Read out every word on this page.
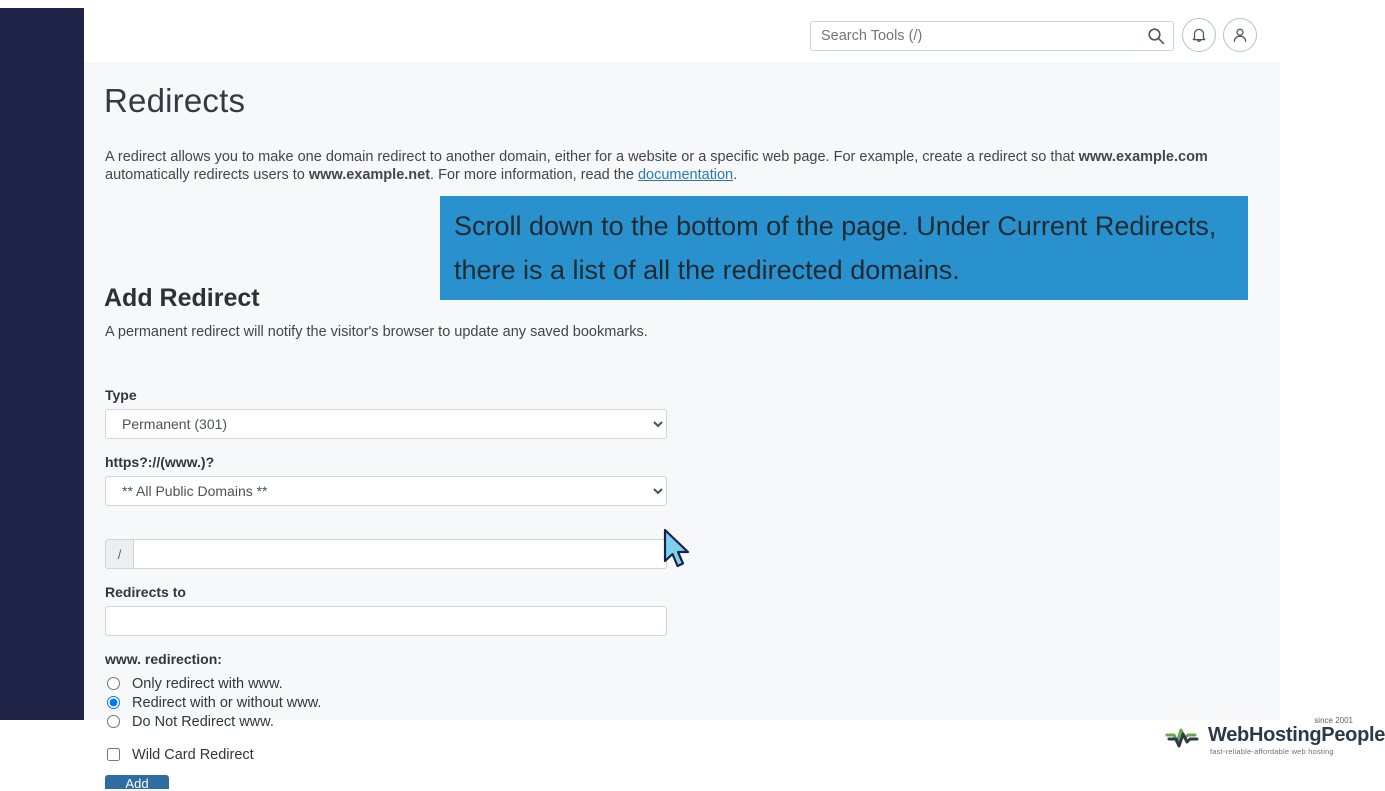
Search Tools (/)
Redirects
A redirect allows you to make one domain redirect to another domain, either for a website or a specific web page. For example, create a redirect so that www.example.com automatically redirects users to www.example.net. For more information, read the documentation.
Add Redirect
A permanent redirect will notify the visitor's browser to update any saved bookmarks.
Type
Permanent (301)
https?://(www.)?
** All Public Domains **
/
Redirects to
www. redirection:
Only redirect with www.
Redirect with or without www.
Do Not Redirect www.
Wild Card Redirect
Add
since 2001
WebHostingPeople
fast-reliable-affordable web hosting
Scroll down to the bottom of the page. Under Current Redirects, there is a list of all the redirected domains.
